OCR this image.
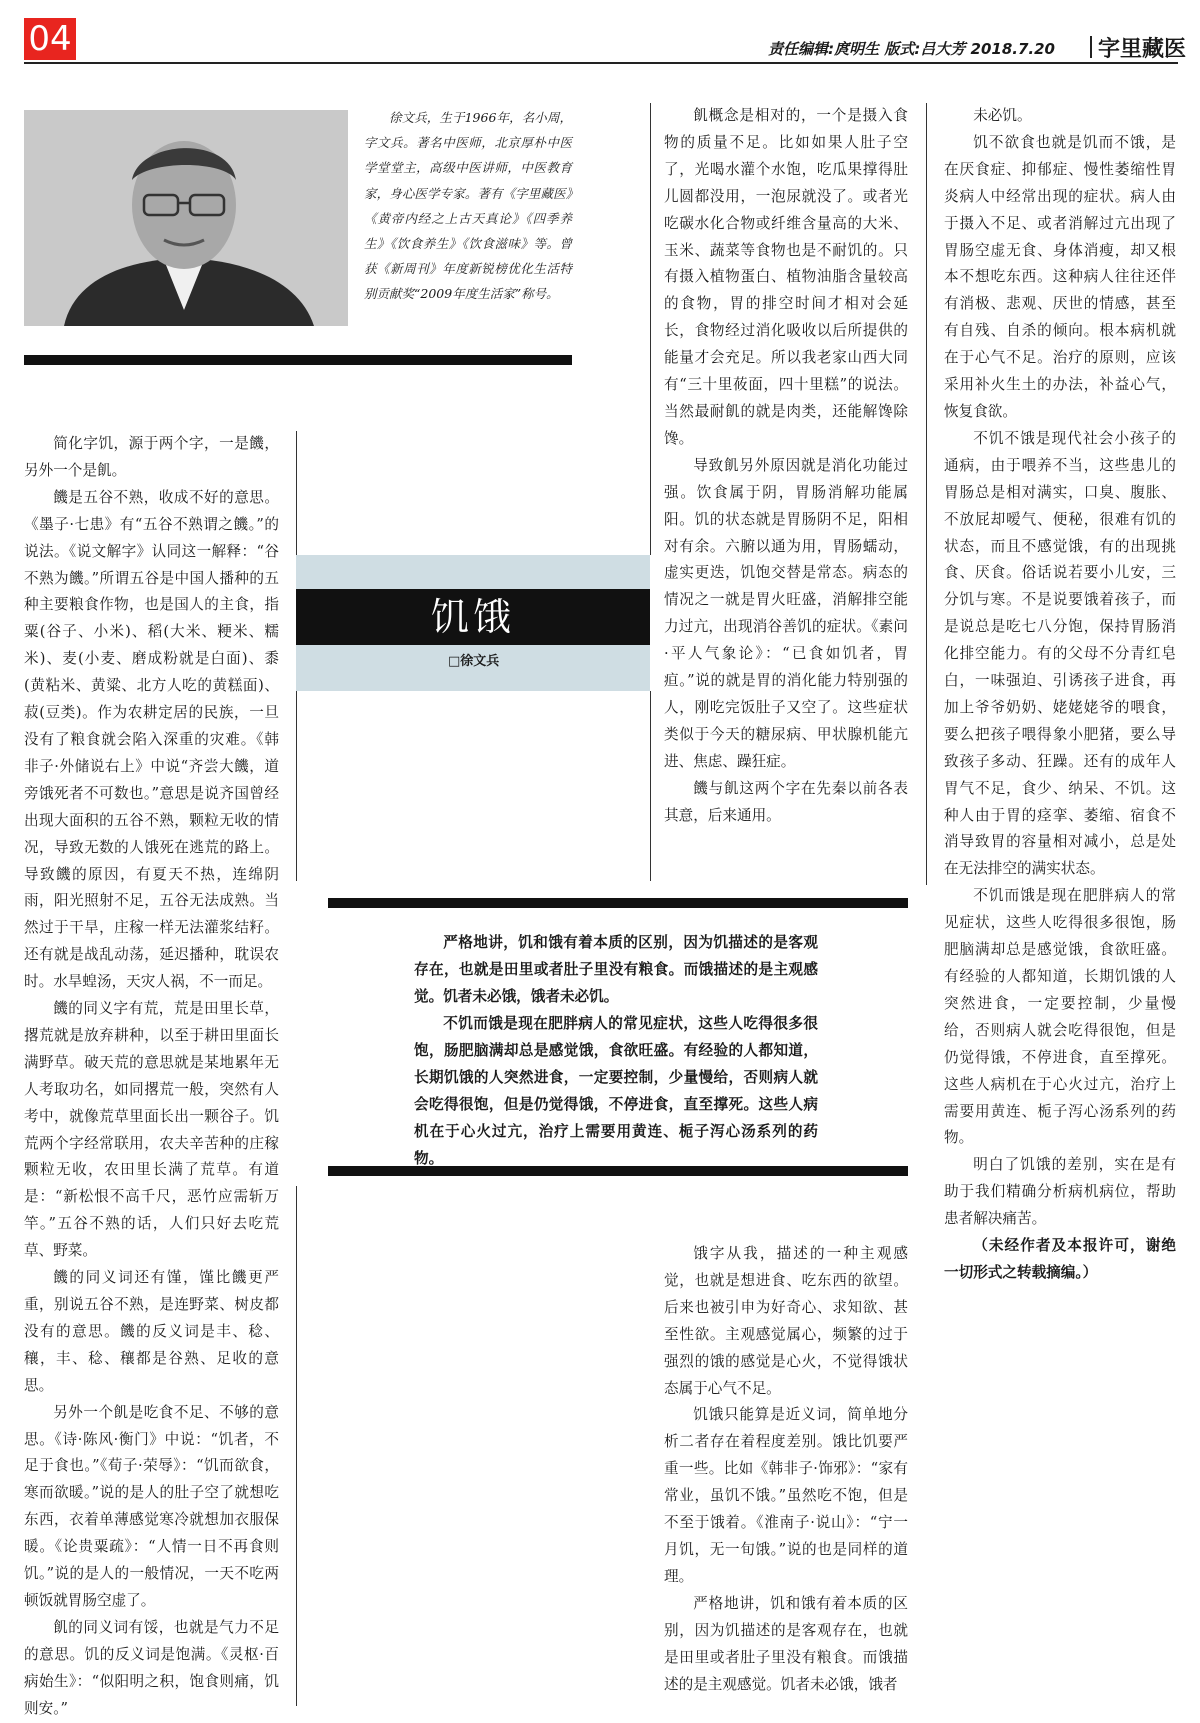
04	责任编辑:庹明生 版式:吕大芳 2018.7.20 字里藏医
徐文兵，生于1966年，名小周，字文兵。著名中医师，北京厚朴中医学堂堂主，高级中医讲师，中医教育家，身心医学专家。著有《字里藏医》《黄帝内经之上古天真论》《四季养生》《饮食养生》《饮食滋味》等。曾获《新周刊》年度新锐榜优化生活特别贡献奖“2009年度生活家”称号。
饥饿
□徐文兵

简化字饥，源于两个字，一是饑，另外一个是飢。

饑是五谷不熟，收成不好的意思。《墨子·七患》有“五谷不熟谓之饑。”的说法。《说文解字》认同这一解释：“谷不熟为饑。”所谓五谷是中国人播种的五种主要粮食作物，也是国人的主食，指粟(谷子、小米)、稻(大米、粳米、糯米)、麦(小麦、磨成粉就是白面)、黍(黄粘米、黄粱、北方人吃的黄糕面)、菽(豆类)。作为农耕定居的民族，一旦没有了粮食就会陷入深重的灾难。《韩非子·外储说右上》中说“齐尝大饑，道旁饿死者不可数也。”意思是说齐国曾经出现大面积的五谷不熟，颗粒无收的情况，导致无数的人饿死在逃荒的路上。导致饑的原因，有夏天不热，连绵阴雨，阳光照射不足，五谷无法成熟。当然过于干旱，庄稼一样无法灌浆结籽。还有就是战乱动荡，延迟播种，耽误农时。水旱蝗汤，天灾人祸，不一而足。

饑的同义字有荒，荒是田里长草，撂荒就是放弃耕种，以至于耕田里面长满野草。破天荒的意思就是某地累年无人考取功名，如同撂荒一般，突然有人考中，就像荒草里面长出一颗谷子。饥荒两个字经常联用，农夫辛苦种的庄稼颗粒无收，农田里长满了荒草。有道是：“新松恨不高千尺，恶竹应需斩万竿。”五谷不熟的话，人们只好去吃荒草、野菜。

饑的同义词还有馑，馑比饑更严重，别说五谷不熟，是连野菜、树皮都没有的意思。饑的反义词是丰、稔、穰，丰、稔、穰都是谷熟、足收的意思。

另外一个飢是吃食不足、不够的意思。《诗·陈风·衡门》中说：“饥者，不足于食也。”《荀子·荣辱》：“饥而欲食，寒而欲暖。”说的是人的肚子空了就想吃东西，衣着单薄感觉寒冷就想加衣服保暖。《论贵粟疏》：“人情一日不再食则饥。”说的是人的一般情况，一天不吃两顿饭就胃肠空虚了。

飢的同义词有馁，也就是气力不足的意思。饥的反义词是饱满。《灵枢·百病始生》：“似阳明之积，饱食则痛，饥则安。”

飢概念是相对的，一个是摄入食物的质量不足。比如如果人肚子空了，光喝水灌个水饱，吃瓜果撑得肚儿圆都没用，一泡尿就没了。或者光吃碳水化合物或纤维含量高的大米、玉米、蔬菜等食物也是不耐饥的。只有摄入植物蛋白、植物油脂含量较高的食物，胃的排空时间才相对会延长，食物经过消化吸收以后所提供的能量才会充足。所以我老家山西大同有“三十里莜面，四十里糕”的说法。当然最耐飢的就是肉类，还能解馋除馋。

导致飢另外原因就是消化功能过强。饮食属于阴，胃肠消解功能属阳。饥的状态就是胃肠阴不足，阳相对有余。六腑以通为用，胃肠蠕动，虚实更迭，饥饱交替是常态。病态的情况之一就是胃火旺盛，消解排空能力过亢，出现消谷善饥的症状。《素问·平人气象论》：“已食如饥者，胃疸。”说的就是胃的消化能力特别强的人，刚吃完饭肚子又空了。这些症状类似于今天的糖尿病、甲状腺机能亢进、焦虑、躁狂症。

饑与飢这两个字在先秦以前各表其意，后来通用。

未必饥。

饥不欲食也就是饥而不饿，是在厌食症、抑郁症、慢性萎缩性胃炎病人中经常出现的症状。病人由于摄入不足、或者消解过亢出现了胃肠空虚无食、身体消瘦，却又根本不想吃东西。这种病人往往还伴有消极、悲观、厌世的情感，甚至有自残、自杀的倾向。根本病机就在于心气不足。治疗的原则，应该采用补火生土的办法，补益心气，恢复食欲。

不饥不饿是现代社会小孩子的通病，由于喂养不当，这些患儿的胃肠总是相对满实，口臭、腹胀、不放屁却嗳气、便秘，很难有饥的状态，而且不感觉饿，有的出现挑食、厌食。俗话说若要小儿安，三分饥与寒。不是说要饿着孩子，而是说总是吃七八分饱，保持胃肠消化排空能力。有的父母不分青红皂白，一味强迫、引诱孩子进食，再加上爷爷奶奶、姥姥姥爷的喂食，要么把孩子喂得象小肥猪，要么导致孩子多动、狂躁。还有的成年人胃气不足，食少、纳呆、不饥。这种人由于胃的痉挛、萎缩、宿食不消导致胃的容量相对减小，总是处在无法排空的满实状态。

不饥而饿是现在肥胖病人的常见症状，这些人吃得很多很饱，肠肥脑满却总是感觉饿，食欲旺盛。有经验的人都知道，长期饥饿的人突然进食，一定要控制，少量慢给，否则病人就会吃得很饱，但是仍觉得饿，不停进食，直至撑死。这些人病机在于心火过亢，治疗上需要用黄连、栀子泻心汤系列的药物。

明白了饥饿的差别，实在是有助于我们精确分析病机病位，帮助患者解决痛苦。

（未经作者及本报许可，谢绝一切形式之转载摘编。）

严格地讲，饥和饿有着本质的区别，因为饥描述的是客观存在，也就是田里或者肚子里没有粮食。而饿描述的是主观感觉。饥者未必饿，饿者未必饥。

不饥而饿是现在肥胖病人的常见症状，这些人吃得很多很饱，肠肥脑满却总是感觉饿，食欲旺盛。有经验的人都知道，长期饥饿的人突然进食，一定要控制，少量慢给，否则病人就会吃得很饱，但是仍觉得饿，不停进食，直至撑死。这些人病机在于心火过亢，治疗上需要用黄连、栀子泻心汤系列的药物。

饿字从我，描述的一种主观感觉，也就是想进食、吃东西的欲望。后来也被引申为好奇心、求知欲、甚至性欲。主观感觉属心，频繁的过于强烈的饿的感觉是心火，不觉得饿状态属于心气不足。

饥饿只能算是近义词，简单地分析二者存在着程度差别。饿比饥要严重一些。比如《韩非子·饰邪》：“家有常业，虽饥不饿。”虽然吃不饱，但是不至于饿着。《淮南子·说山》：“宁一月饥，无一旬饿。”说的也是同样的道理。

严格地讲，饥和饿有着本质的区别，因为饥描述的是客观存在，也就是田里或者肚子里没有粮食。而饿描述的是主观感觉。饥者未必饿，饿者
